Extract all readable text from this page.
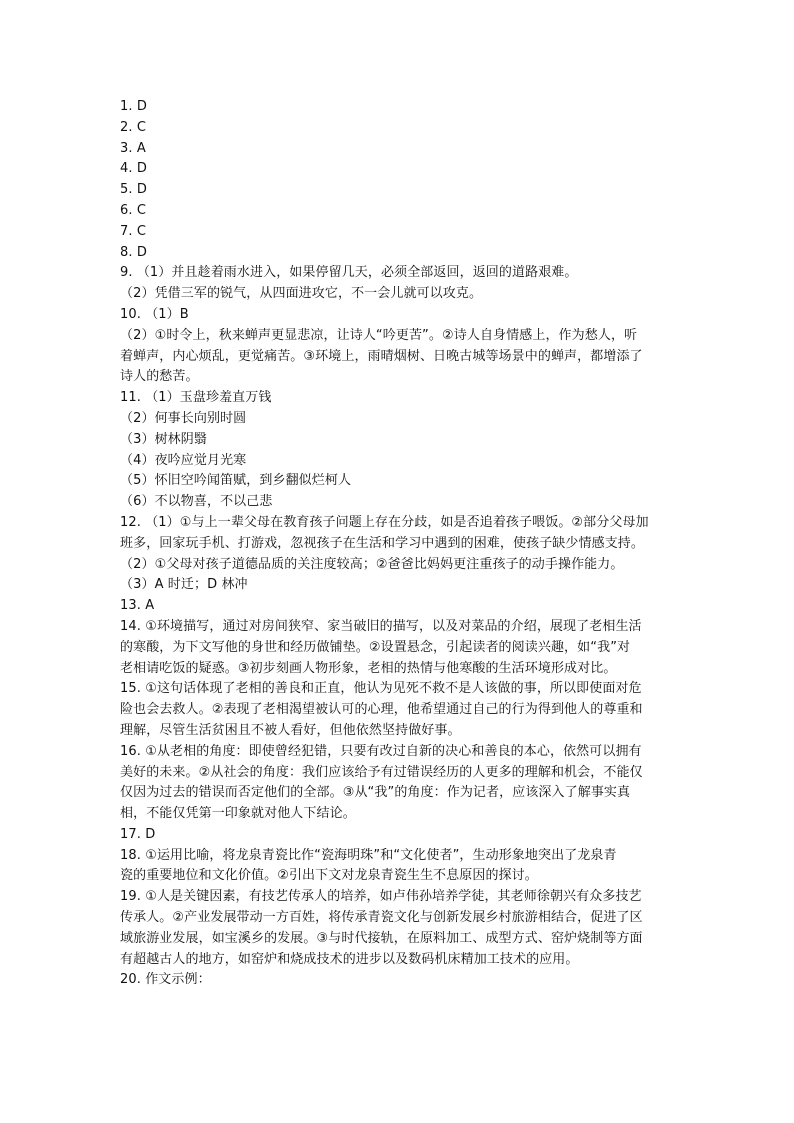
1. D
2. C
3. A
4. D
5. D
6. C
7. C
8. D
9. （1）并且趁着雨水进入，如果停留几天，必须全部返回，返回的道路艰难。
（2）凭借三军的锐气，从四面进攻它，不一会儿就可以攻克。
10. （1）B
（2）①时令上，秋来蝉声更显悲凉，让诗人“吟更苦”。②诗人自身情感上，作为愁人，听
着蝉声，内心烦乱，更觉痛苦。③环境上，雨晴烟树、日晚古城等场景中的蝉声，都增添了
诗人的愁苦。
11. （1）玉盘珍羞直万钱
（2）何事长向别时圆
（3）树林阴翳
（4）夜吟应觉月光寒
（5）怀旧空吟闻笛赋，到乡翻似烂柯人
（6）不以物喜，不以己悲
12. （1）①与上一辈父母在教育孩子问题上存在分歧，如是否追着孩子喂饭。②部分父母加
班多，回家玩手机、打游戏，忽视孩子在生活和学习中遇到的困难，使孩子缺少情感支持。
（2）①父母对孩子道德品质的关注度较高；②爸爸比妈妈更注重孩子的动手操作能力。
（3）A 时迁；D 林冲
13. A
14. ①环境描写，通过对房间狭窄、家当破旧的描写，以及对菜品的介绍，展现了老相生活
的寒酸，为下文写他的身世和经历做铺垫。②设置悬念，引起读者的阅读兴趣，如“我”对
老相请吃饭的疑惑。③初步刻画人物形象，老相的热情与他寒酸的生活环境形成对比。
15. ①这句话体现了老相的善良和正直，他认为见死不救不是人该做的事，所以即使面对危
险也会去救人。②表现了老相渴望被认可的心理，他希望通过自己的行为得到他人的尊重和
理解，尽管生活贫困且不被人看好，但他依然坚持做好事。
16. ①从老相的角度：即使曾经犯错，只要有改过自新的决心和善良的本心，依然可以拥有
美好的未来。②从社会的角度：我们应该给予有过错误经历的人更多的理解和机会，不能仅
仅因为过去的错误而否定他们的全部。③从“我”的角度：作为记者，应该深入了解事实真
相，不能仅凭第一印象就对他人下结论。
17. D
18. ①运用比喻，将龙泉青瓷比作“瓷海明珠”和“文化使者”，生动形象地突出了龙泉青
瓷的重要地位和文化价值。②引出下文对龙泉青瓷生生不息原因的探讨。
19. ①人是关键因素，有技艺传承人的培养，如卢伟孙培养学徒，其老师徐朝兴有众多技艺
传承人。②产业发展带动一方百姓，将传承青瓷文化与创新发展乡村旅游相结合，促进了区
域旅游业发展，如宝溪乡的发展。③与时代接轨，在原料加工、成型方式、窑炉烧制等方面
有超越古人的地方，如窑炉和烧成技术的进步以及数码机床精加工技术的应用。
20. 作文示例：
